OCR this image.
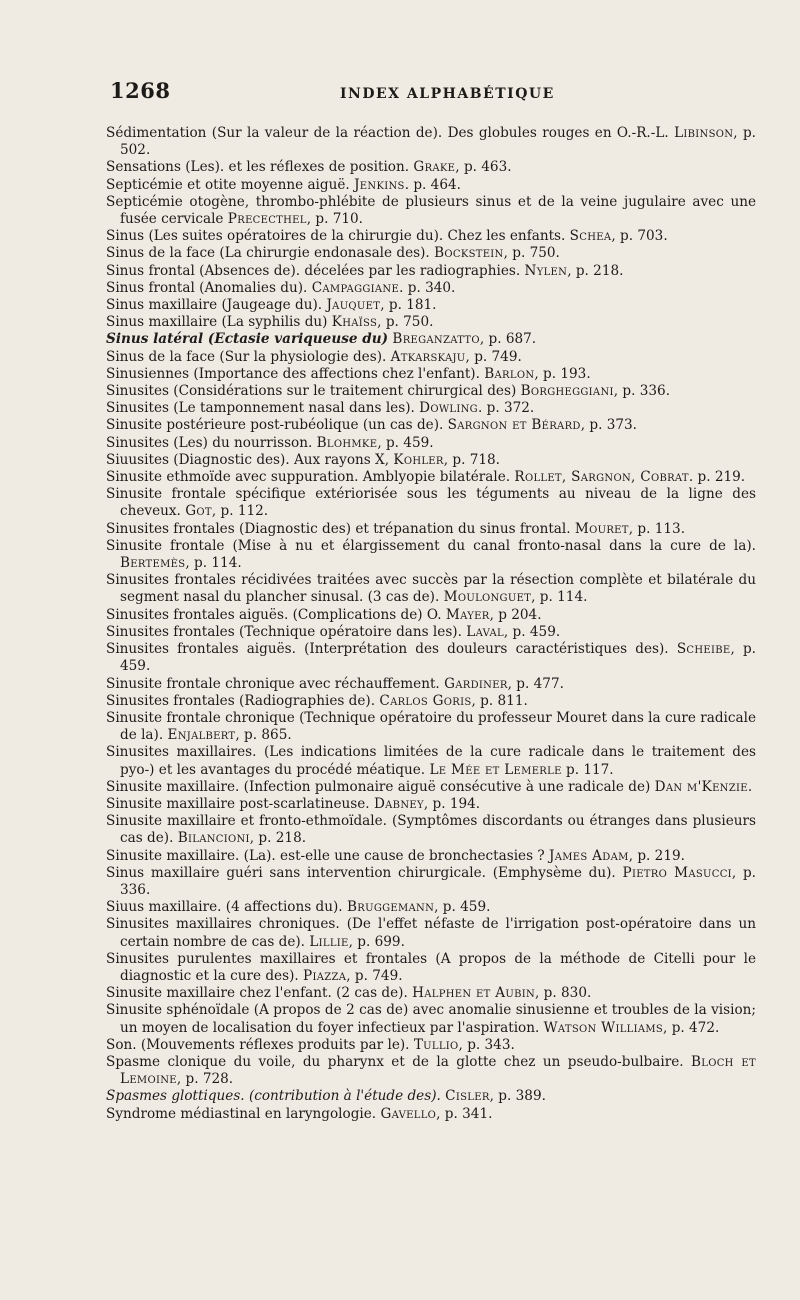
1268	INDEX ALPHABÉTIQUE

Sédimentation (Sur la valeur de la réaction de). Des globules rouges en O.-R.-L. Libinson, p. 502.

Sensations (Les). et les réflexes de position. Grake, p. 463.

Septicémie et otite moyenne aiguë. Jenkins. p. 464.

Septicémie otogène, thrombo-phlébite de plusieurs sinus et de la veine jugulaire avec une fusée cervicale Prececthel, p. 710.

Sinus (Les suites opératoires de la chirurgie du). Chez les enfants. Schea, p. 703.

Sinus de la face (La chirurgie endonasale des). Bockstein, p. 750.

Sinus frontal (Absences de). décelées par les radiographies. Nylen, p. 218.

Sinus frontal (Anomalies du). Campaggiane. p. 340.

Sinus maxillaire (Jaugeage du). Jauquet, p. 181.

Sinus maxillaire (La syphilis du) Khaïss, p. 750.

Sinus latéral (Ectasie variqueuse du) Breganzatto, p. 687.

Sinus de la face (Sur la physiologie des). Atkarskaju, p. 749.

Sinusiennes (Importance des affections chez l'enfant). Barlon, p. 193.

Sinusites (Considérations sur le traitement chirurgical des) Borgheggiani, p. 336.

Sinusites (Le tamponnement nasal dans les). Dowling. p. 372.

Sinusite postérieure post-rubéolique (un cas de). Sargnon et Bérard, p. 373.

Sinusites (Les) du nourrisson. Blohmke, p. 459.

Siuusites (Diagnostic des). Aux rayons X, Kohler, p. 718.

Sinusite ethmoïde avec suppuration. Amblyopie bilatérale. Rollet, Sargnon, Cobrat. p. 219.

Sinusite frontale spécifique extériorisée sous les téguments au niveau de la ligne des cheveux. Got, p. 112.

Sinusites frontales (Diagnostic des) et trépanation du sinus frontal. Mouret, p. 113.

Sinusite frontale (Mise à nu et élargissement du canal fronto-nasal dans la cure de la). Bertemès, p. 114.

Sinusites frontales récidivées traitées avec succès par la résection complète et bilatérale du segment nasal du plancher sinusal. (3 cas de). Moulonguet, p. 114.

Sinusites frontales aiguës. (Complications de) O. Mayer, p 204.

Sinusites frontales (Technique opératoire dans les). Laval, p. 459.

Sinusites frontales aiguës. (Interprétation des douleurs caractéristiques des). Scheibe, p. 459.

Sinusite frontale chronique avec réchauffement. Gardiner, p. 477.

Sinusites frontales (Radiographies de). Carlos Goris, p. 811.

Sinusite frontale chronique (Technique opératoire du professeur Mouret dans la cure radicale de la). Enjalbert, p. 865.

Sinusites maxillaires. (Les indications limitées de la cure radicale dans le traitement des pyo-) et les avantages du procédé méatique. Le Mée et Lemerle p. 117.

Sinusite maxillaire. (Infection pulmonaire aiguë consécutive à une radicale de) Dan m'Kenzie.

Sinusite maxillaire post-scarlatineuse. Dabney, p. 194.

Sinusite maxillaire et fronto-ethmoïdale. (Symptômes discordants ou étranges dans plusieurs cas de). Bilancioni, p. 218.

Sinusite maxillaire. (La). est-elle une cause de bronchectasies ? James Adam, p. 219.

Sinus maxillaire guéri sans intervention chirurgicale. (Emphysème du). Pietro Masucci, p. 336.

Siuus maxillaire. (4 affections du). Bruggemann, p. 459.

Sinusites maxillaires chroniques. (De l'effet néfaste de l'irrigation post-opératoire dans un certain nombre de cas de). Lillie, p. 699.

Sinusites purulentes maxillaires et frontales (A propos de la méthode de Citelli pour le diagnostic et la cure des). Piazza, p. 749.

Sinusite maxillaire chez l'enfant. (2 cas de). Halphen et Aubin, p. 830.

Sinusite sphénoïdale (A propos de 2 cas de) avec anomalie sinusienne et troubles de la vision; un moyen de localisation du foyer infectieux par l'aspiration. Watson Williams, p. 472.

Son. (Mouvements réflexes produits par le). Tullio, p. 343.

Spasme clonique du voile, du pharynx et de la glotte chez un pseudo-bulbaire. Bloch et Lemoine, p. 728.

Spasmes glottiques. (contribution à l'étude des). Cisler, p. 389.

Syndrome médiastinal en laryngologie. Gavello, p. 341.
